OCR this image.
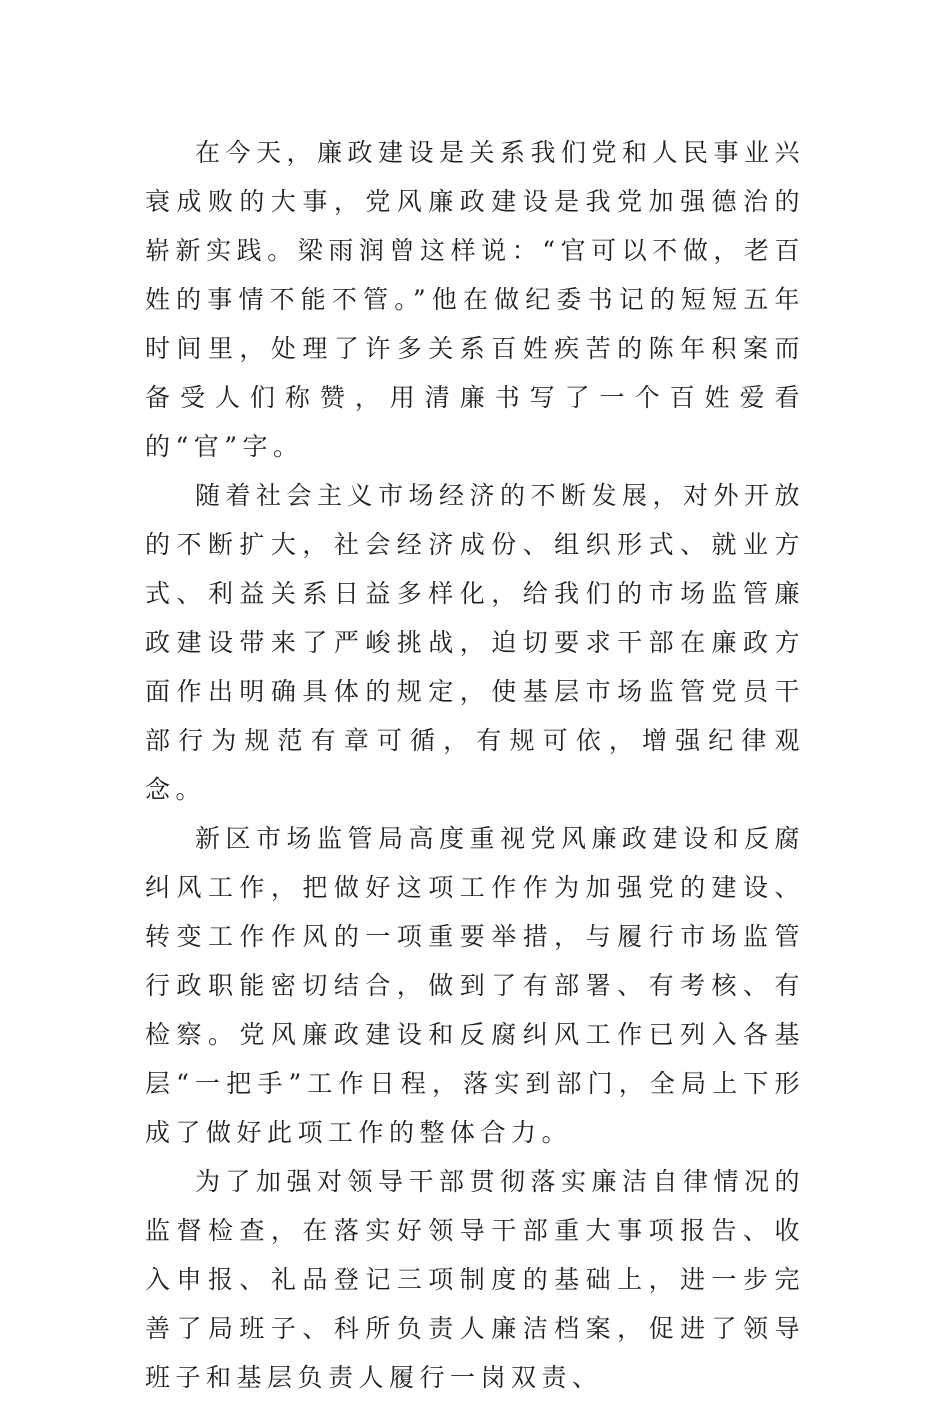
在今天，廉政建设是关系我们党和人民事业兴衰成败的大事，党风廉政建设是我党加强德治的崭新实践。梁雨润曾这样说：“官可以不做，老百姓的事情不能不管。”他在做纪委书记的短短五年时间里，处理了许多关系百姓疾苦的陈年积案而备受人们称赞，用清廉书写了一个百姓爱看的“官”字。

随着社会主义市场经济的不断发展，对外开放的不断扩大，社会经济成份、组织形式、就业方式、利益关系日益多样化，给我们的市场监管廉政建设带来了严峻挑战，迫切要求干部在廉政方面作出明确具体的规定，使基层市场监管党员干部行为规范有章可循，有规可依，增强纪律观念。

新区市场监管局高度重视党风廉政建设和反腐纠风工作，把做好这项工作作为加强党的建设、转变工作作风的一项重要举措，与履行市场监管行政职能密切结合，做到了有部署、有考核、有检察。党风廉政建设和反腐纠风工作已列入各基层“一把手”工作日程，落实到部门，全局上下形成了做好此项工作的整体合力。

为了加强对领导干部贯彻落实廉洁自律情况的监督检查，在落实好领导干部重大事项报告、收入申报、礼品登记三项制度的基础上，进一步完善了局班子、科所负责人廉洁档案，促进了领导班子和基层负责人履行一岗双责、
